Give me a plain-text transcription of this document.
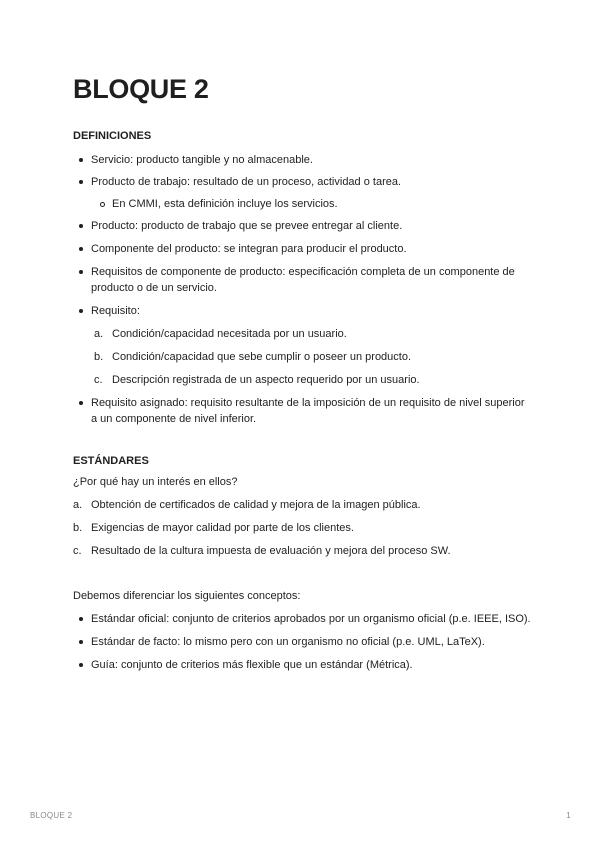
BLOQUE 2

DEFINICIONES

Servicio: producto tangible y no almacenable.
Producto de trabajo: resultado de un proceso, actividad o tarea.
En CMMI, esta definición incluye los servicios.
Producto: producto de trabajo que se prevee entregar al cliente.
Componente del producto: se integran para producir el producto.
Requisitos de componente de producto: especificación completa de un componente de producto o de un servicio.
Requisito:
a. Condición/capacidad necesitada por un usuario.
b. Condición/capacidad que sebe cumplir o poseer un producto.
c. Descripción registrada de un aspecto requerido por un usuario.
Requisito asignado: requisito resultante de la imposición de un requisito de nivel superior a un componente de nivel inferior.

ESTÁNDARES

¿Por qué hay un interés en ellos?

a. Obtención de certificados de calidad y mejora de la imagen pública.
b. Exigencias de mayor calidad por parte de los clientes.
c. Resultado de la cultura impuesta de evaluación y mejora del proceso SW.

Debemos diferenciar los siguientes conceptos:

Estándar oficial: conjunto de criterios aprobados por un organismo oficial (p.e. IEEE, ISO).
Estándar de facto: lo mismo pero con un organismo no oficial (p.e. UML, LaTeX).
Guía: conjunto de criterios más flexible que un estándar (Métrica).
BLOQUE 2	1
